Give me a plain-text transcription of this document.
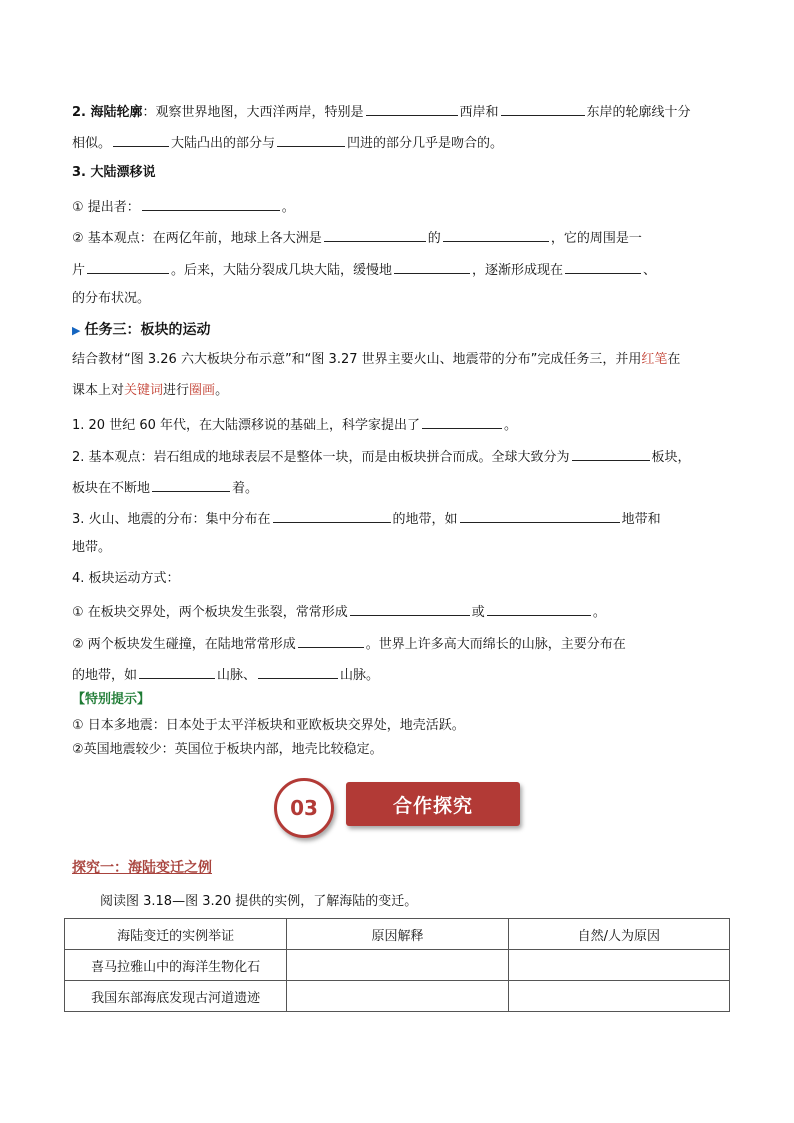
2. 海陆轮廓：观察世界地图，大西洋两岸，特别是	西岸和	东岸的轮廓线十分
相似。	大陆凸出的部分与	凹进的部分几乎是吻合的。
3. 大陆漂移说
① 提出者：	。
② 基本观点：在两亿年前，地球上各大洲是	的	，它的周围是一
片	。后来，大陆分裂成几块大陆，缓慢地	，逐渐形成现在	、
的分布状况。
▶ 任务三：板块的运动
结合教材“图 3.26 六大板块分布示意”和“图 3.27 世界主要火山、地震带的分布”完成任务三，并用红笔在
课本上对关键词进行圈画。
1. 20 世纪 60 年代，在大陆漂移说的基础上，科学家提出了	。
2. 基本观点：岩石组成的地球表层不是整体一块，而是由板块拼合而成。全球大致分为	板块，
板块在不断地	着。
3. 火山、地震的分布：集中分布在	的地带，如	地带和
地带。
4. 板块运动方式：
① 在板块交界处，两个板块发生张裂，常常形成	或	。
② 两个板块发生碰撞，在陆地常常形成	。世界上许多高大而绵长的山脉，主要分布在
的地带，如	山脉、	山脉。
【特别提示】
① 日本多地震：日本处于太平洋板块和亚欧板块交界处，地壳活跃。
②英国地震较少：英国位于板块内部，地壳比较稳定。
03	合作探究
探究一：海陆变迁之例
阅读图 3.18—图 3.20 提供的实例，了解海陆的变迁。
海陆变迁的实例举证	原因解释	自然/人为原因
喜马拉雅山中的海洋生物化石		
我国东部海底发现古河道遗迹		
